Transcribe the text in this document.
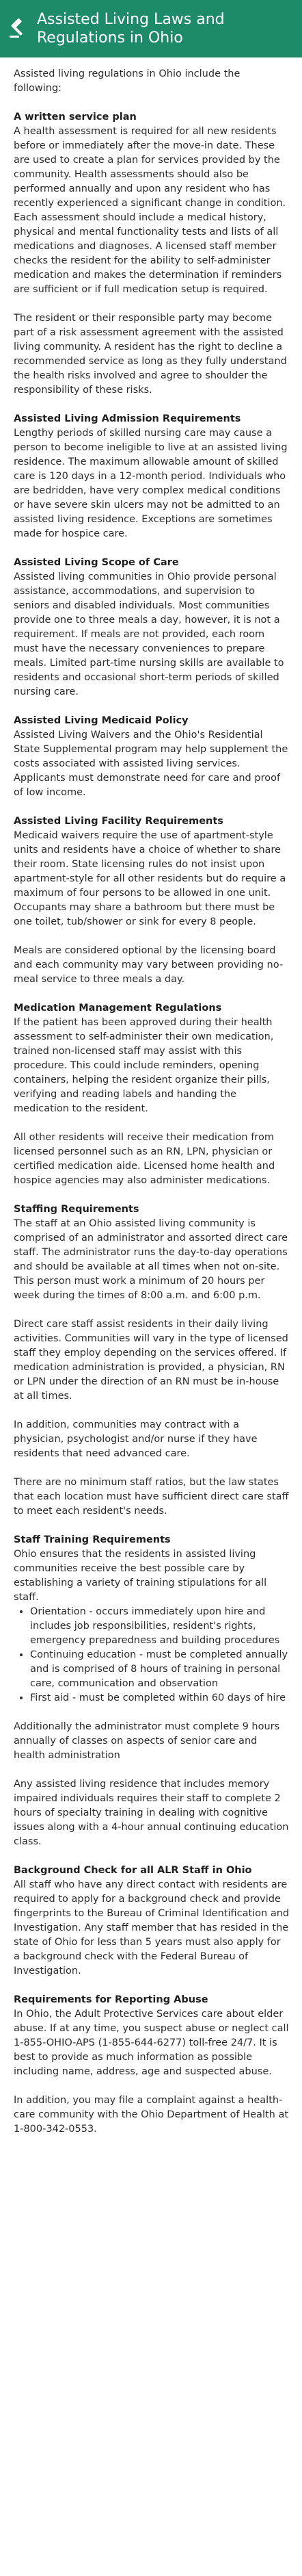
Assisted Living Laws and Regulations in Ohio

Assisted living regulations in Ohio include the following:

A written service plan

A health assessment is required for all new residents before or immediately after the move-in date. These are used to create a plan for services provided by the community. Health assessments should also be performed annually and upon any resident who has recently experienced a significant change in condition. Each assessment should include a medical history, physical and mental functionality tests and lists of all medications and diagnoses. A licensed staff member checks the resident for the ability to self-administer medication and makes the determination if reminders are sufficient or if full medication setup is required.

The resident or their responsible party may become part of a risk assessment agreement with the assisted living community. A resident has the right to decline a recommended service as long as they fully understand the health risks involved and agree to shoulder the responsibility of these risks.

Assisted Living Admission Requirements

Lengthy periods of skilled nursing care may cause a person to become ineligible to live at an assisted living residence. The maximum allowable amount of skilled care is 120 days in a 12-month period. Individuals who are bedridden, have very complex medical conditions or have severe skin ulcers may not be admitted to an assisted living residence. Exceptions are sometimes made for hospice care.

Assisted Living Scope of Care

Assisted living communities in Ohio provide personal assistance, accommodations, and supervision to seniors and disabled individuals. Most communities provide one to three meals a day, however, it is not a requirement. If meals are not provided, each room must have the necessary conveniences to prepare meals. Limited part-time nursing skills are available to residents and occasional short-term periods of skilled nursing care.

Assisted Living Medicaid Policy

Assisted Living Waivers and the Ohio's Residential State Supplemental program may help supplement the costs associated with assisted living services. Applicants must demonstrate need for care and proof of low income.

Assisted Living Facility Requirements

Medicaid waivers require the use of apartment-style units and residents have a choice of whether to share their room. State licensing rules do not insist upon apartment-style for all other residents but do require a maximum of four persons to be allowed in one unit. Occupants may share a bathroom but there must be one toilet, tub/shower or sink for every 8 people.

Meals are considered optional by the licensing board and each community may vary between providing no-meal service to three meals a day.

Medication Management Regulations

If the patient has been approved during their health assessment to self-administer their own medication, trained non-licensed staff may assist with this procedure. This could include reminders, opening containers, helping the resident organize their pills, verifying and reading labels and handing the medication to the resident.

All other residents will receive their medication from licensed personnel such as an RN, LPN, physician or certified medication aide. Licensed home health and hospice agencies may also administer medications.

Staffing Requirements

The staff at an Ohio assisted living community is comprised of an administrator and assorted direct care staff. The administrator runs the day-to-day operations and should be available at all times when not on-site. This person must work a minimum of 20 hours per week during the times of 8:00 a.m. and 6:00 p.m.

Direct care staff assist residents in their daily living activities. Communities will vary in the type of licensed staff they employ depending on the services offered. If medication administration is provided, a physician, RN or LPN under the direction of an RN must be in-house at all times.

In addition, communities may contract with a physician, psychologist and/or nurse if they have residents that need advanced care.

There are no minimum staff ratios, but the law states that each location must have sufficient direct care staff to meet each resident's needs.

Staff Training Requirements

Ohio ensures that the residents in assisted living communities receive the best possible care by establishing a variety of training stipulations for all staff.

• Orientation - occurs immediately upon hire and includes job responsibilities, resident's rights, emergency preparedness and building procedures
• Continuing education - must be completed annually and is comprised of 8 hours of training in personal care, communication and observation
• First aid - must be completed within 60 days of hire

Additionally the administrator must complete 9 hours annually of classes on aspects of senior care and health administration

Any assisted living residence that includes memory impaired individuals requires their staff to complete 2 hours of specialty training in dealing with cognitive issues along with a 4-hour annual continuing education class.

Background Check for all ALR Staff in Ohio

All staff who have any direct contact with residents are required to apply for a background check and provide fingerprints to the Bureau of Criminal Identification and Investigation. Any staff member that has resided in the state of Ohio for less than 5 years must also apply for a background check with the Federal Bureau of Investigation.

Requirements for Reporting Abuse

In Ohio, the Adult Protective Services care about elder abuse. If at any time, you suspect abuse or neglect call 1-855-OHIO-APS (1-855-644-6277) toll-free 24/7. It is best to provide as much information as possible including name, address, age and suspected abuse.

In addition, you may file a complaint against a health-care community with the Ohio Department of Health at 1-800-342-0553.
